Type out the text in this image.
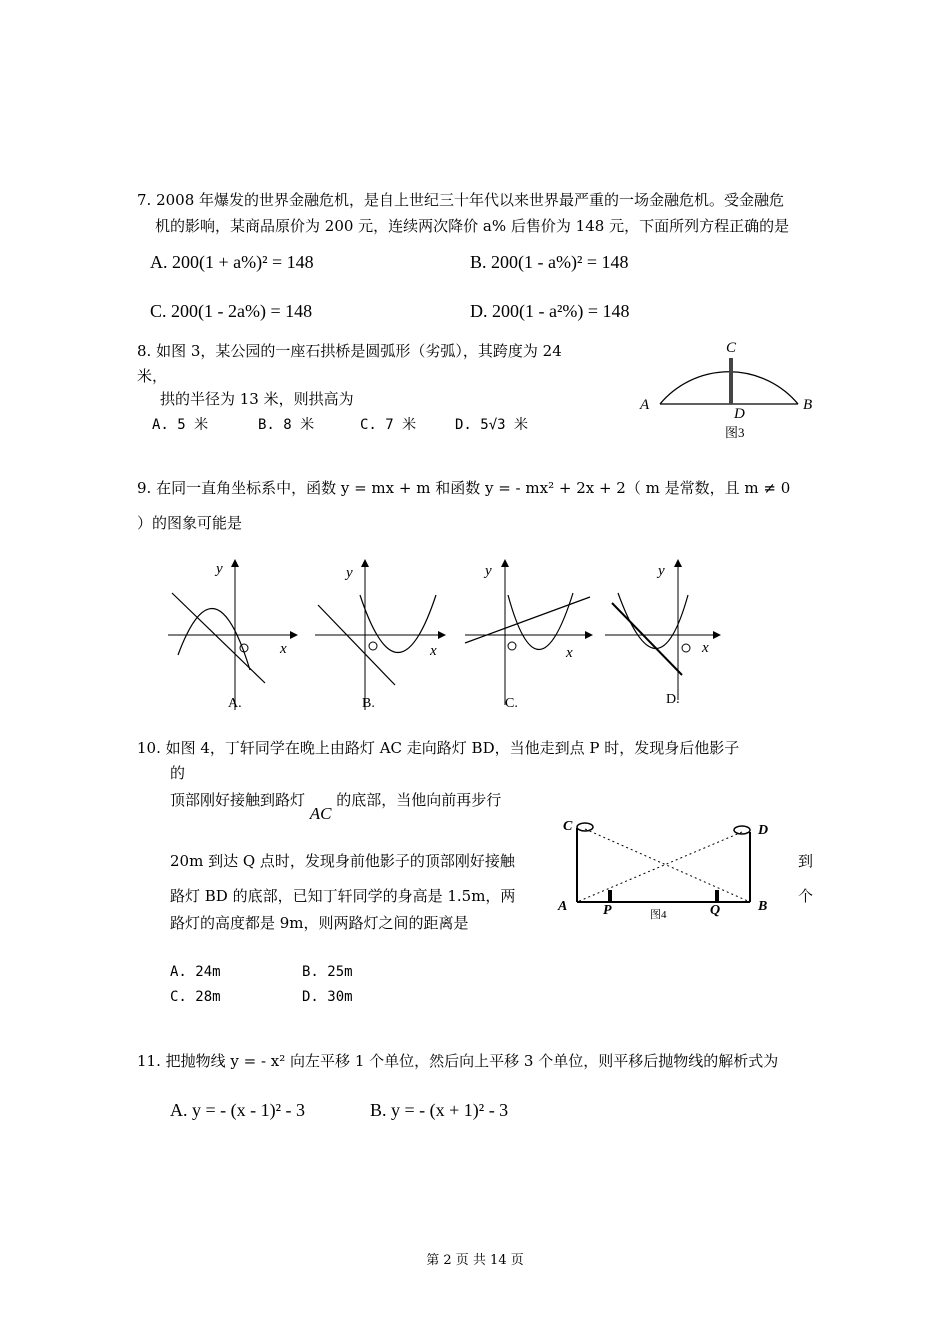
7. 2008 年爆发的世界金融危机，是自上世纪三十年代以来世界最严重的一场金融危机。受金融危
机的影响，某商品原价为 200 元，连续两次降价 a% 后售价为 148 元，下面所列方程正确的是
A. 200(1 + a%)² = 148	B. 200(1 - a%)² = 148
C. 200(1 - 2a%) = 148	D. 200(1 - a²%) = 148
8. 如图 3，某公园的一座石拱桥是圆弧形（劣弧），其跨度为 24
米，
拱的半径为 13 米，则拱高为
A. 5 米	B. 8 米	C. 7 米	D. 5√3 米
C
A	B
D
图3
9. 在同一直角坐标系中，函数 y = mx + m 和函数 y = - mx² + 2x + 2（ m 是常数，且 m ≠ 0
）的图象可能是
y
x
A.
y
x
B.
y
x
C.
y
x
D.
10. 如图 4，丁轩同学在晚上由路灯 AC 走向路灯 BD，当他走到点 P 时，发现身后他影子
的
顶部刚好接触到路灯 AC 的底部，当他向前再步行
20m 到达 Q 点时，发现身前他影子的顶部刚好接触	到
路灯 BD 的底部，已知丁轩同学的身高是 1.5m，两	个
路灯的高度都是 9m，则两路灯之间的距离是
C	D
A	B
P	Q
图4
A. 24m	B. 25m
C. 28m	D. 30m
11. 把抛物线 y = - x² 向左平移 1 个单位，然后向上平移 3 个单位，则平移后抛物线的解析式为
A. y = - (x - 1)² - 3	B. y = - (x + 1)² - 3
第 2 页 共 14 页
